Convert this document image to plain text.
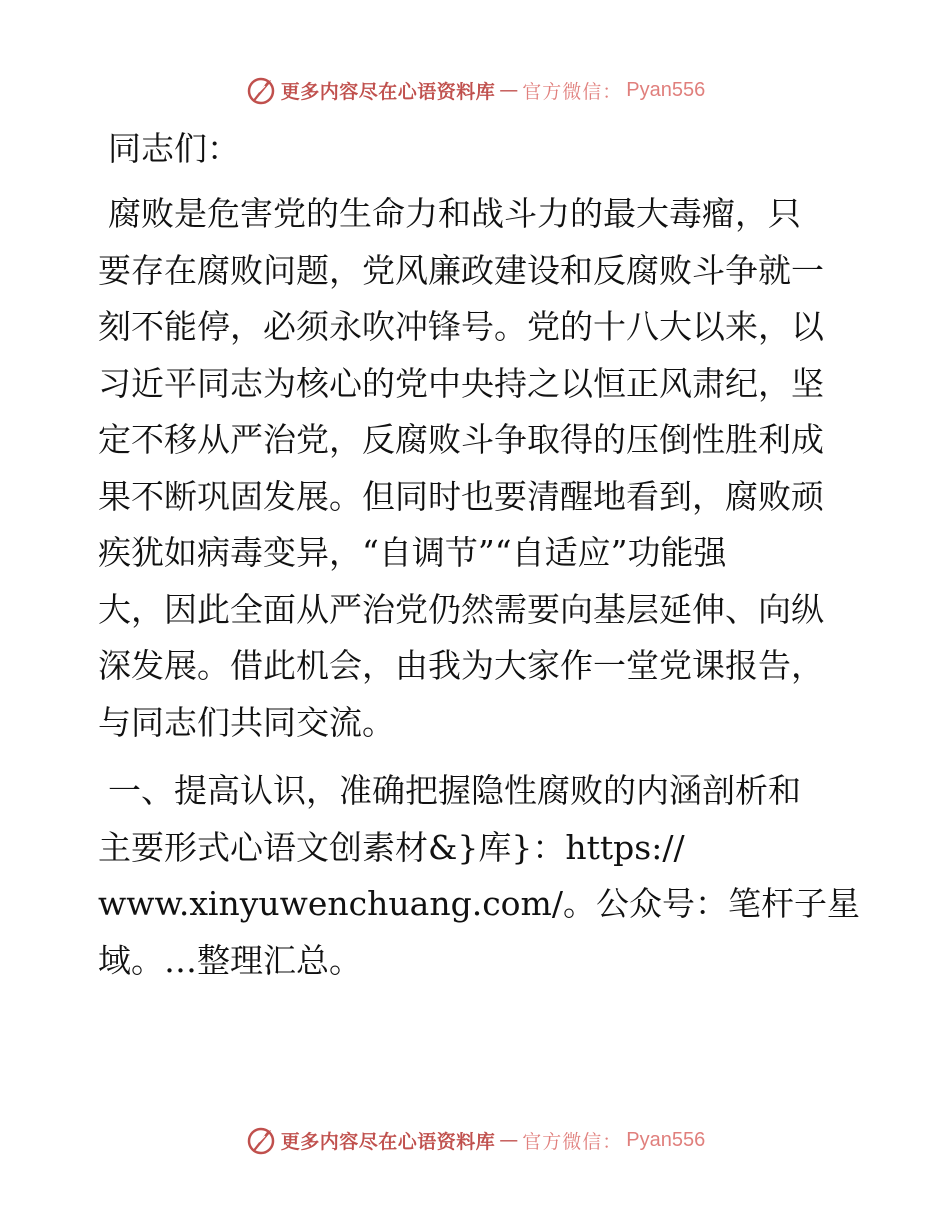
更多内容尽在心语资料库 — 官方微信： Pyan556
同志们：
腐败是危害党的生命力和战斗力的最大毒瘤，只
要存在腐败问题，党风廉政建设和反腐败斗争就一
刻不能停，必须永吹冲锋号。党的十八大以来，以
习近平同志为核心的党中央持之以恒正风肃纪，坚
定不移从严治党，反腐败斗争取得的压倒性胜利成
果不断巩固发展。但同时也要清醒地看到，腐败顽
疾犹如病毒变异，“自调节”“自适应”功能强
大，因此全面从严治党仍然需要向基层延伸、向纵
深发展。借此机会，由我为大家作一堂党课报告，
与同志们共同交流。
一、提高认识，准确把握隐性腐败的内涵剖析和
主要形式心语文创素材&}库}：https://
www.xinyuwenchuang.com/。公众号：笔杆子星
域。…整理汇总。
更多内容尽在心语资料库 — 官方微信： Pyan556
